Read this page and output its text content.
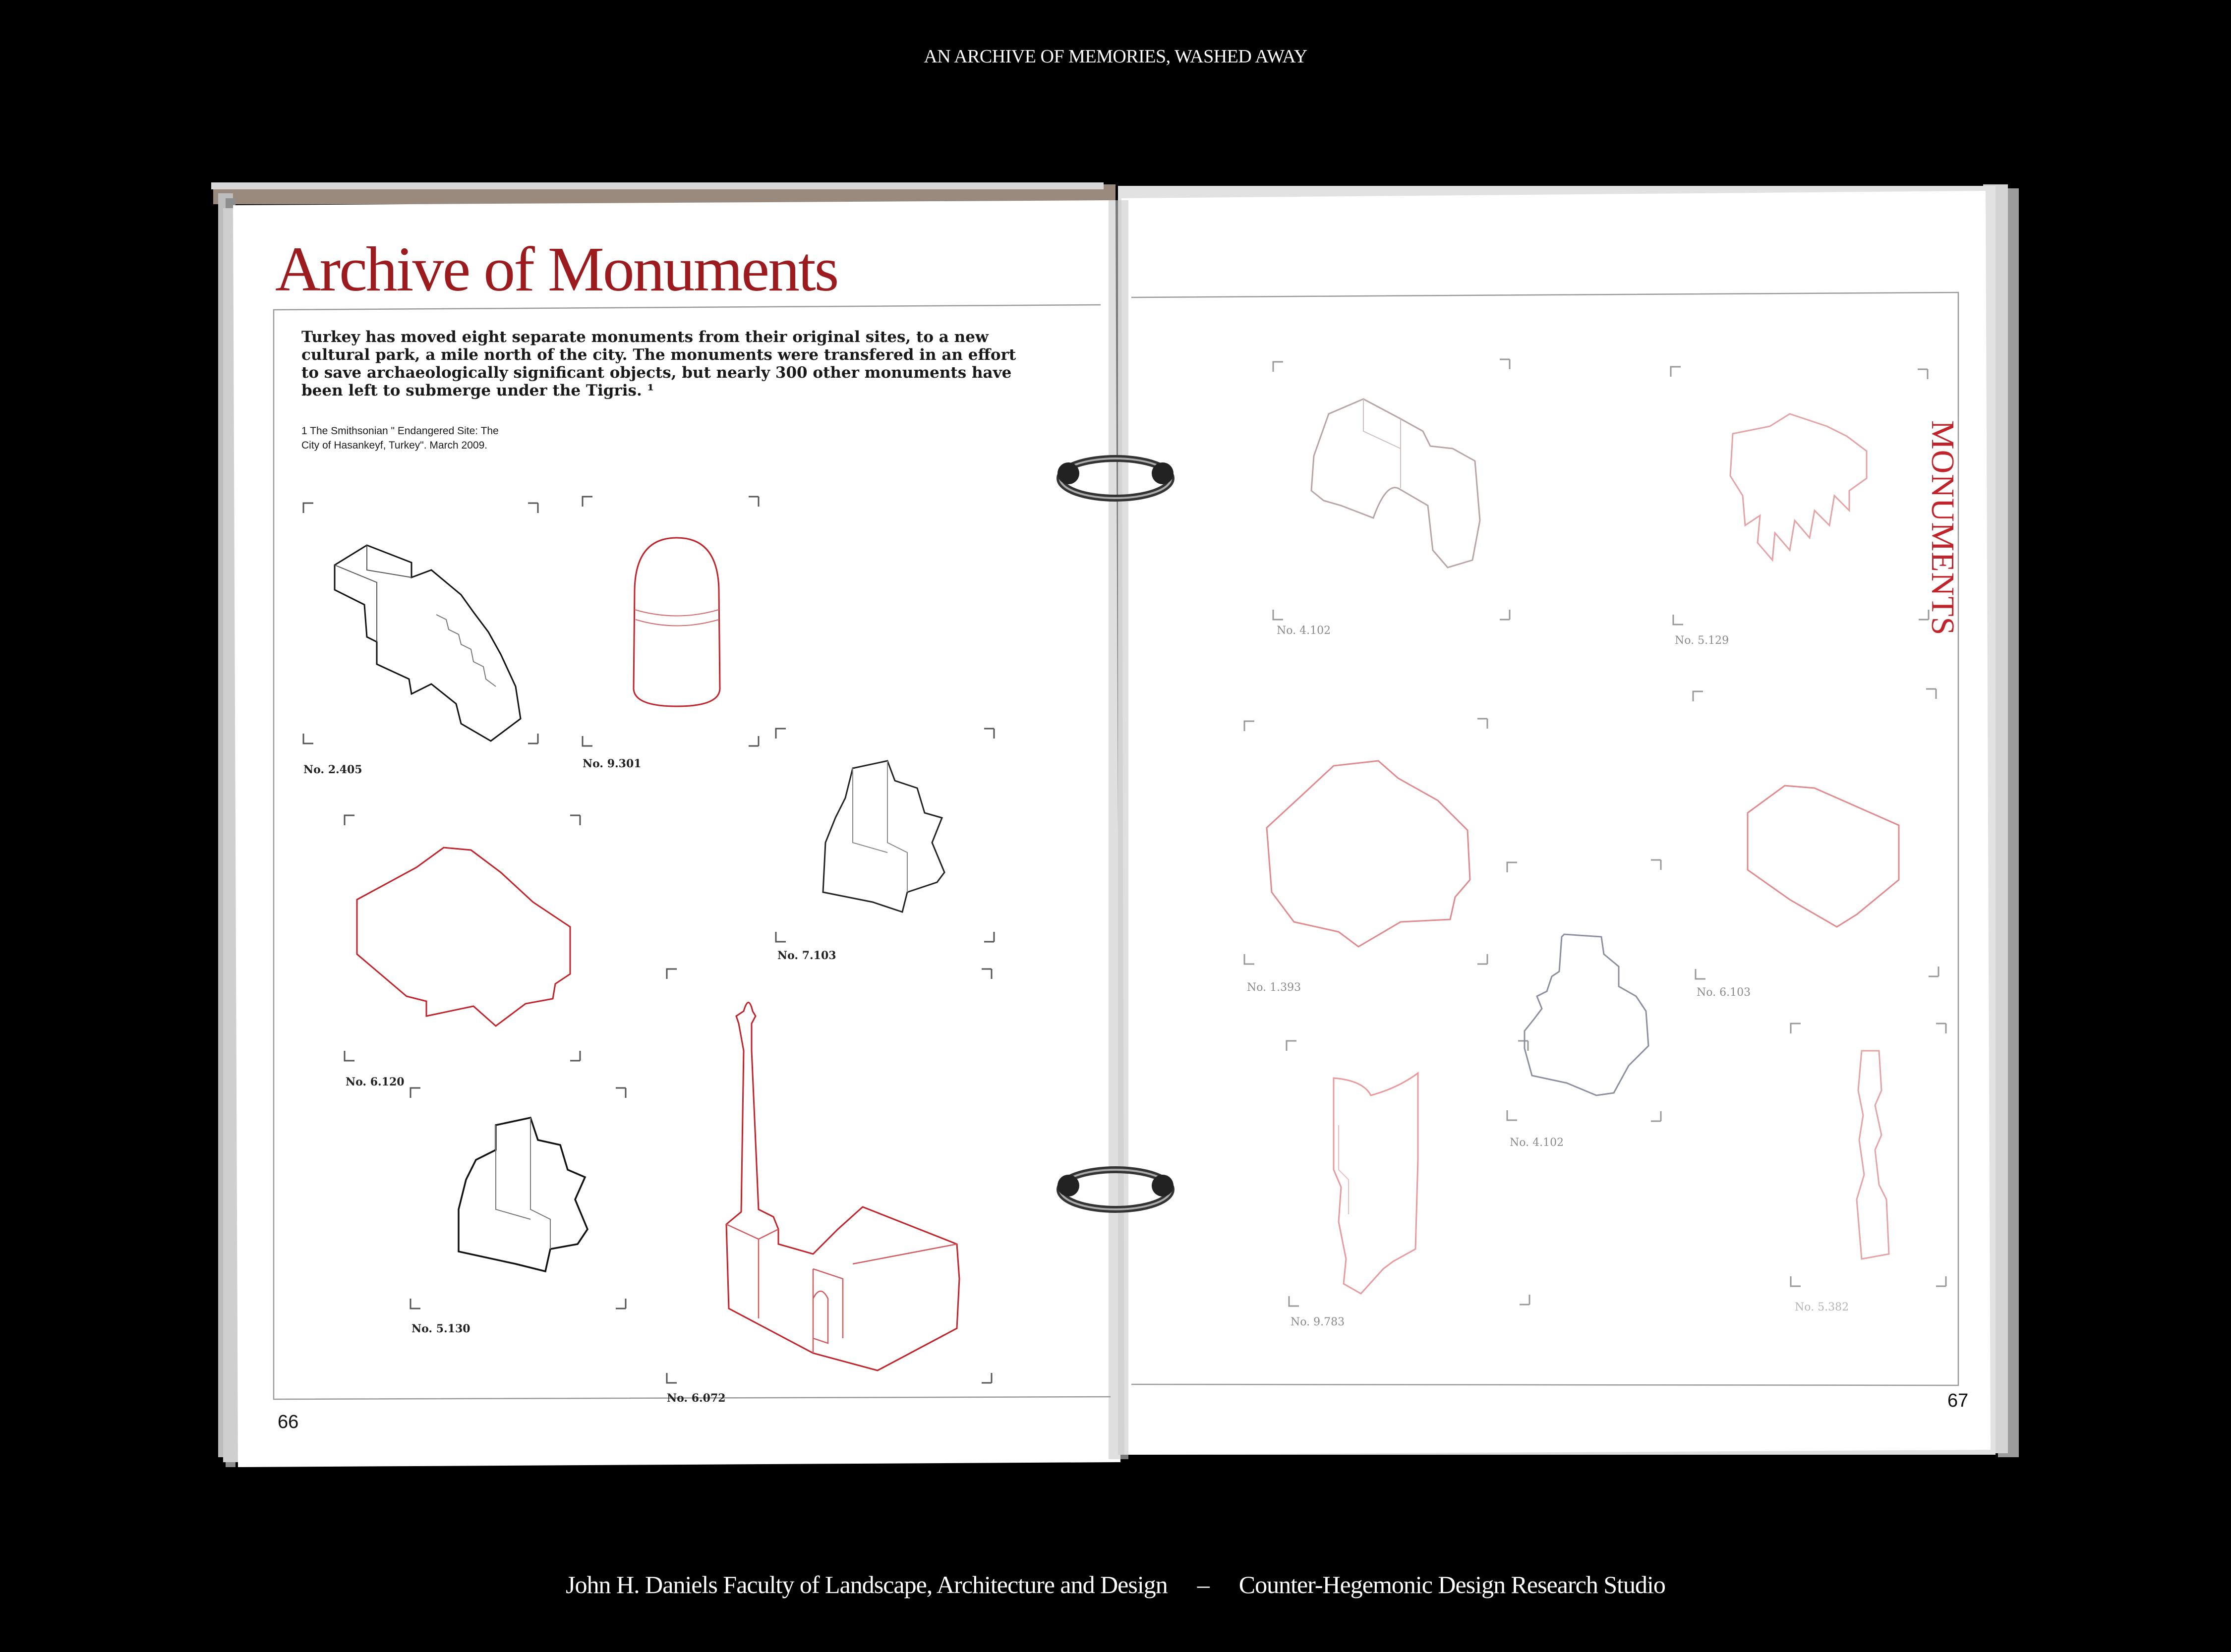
AN ARCHIVE OF MEMORIES, WASHED AWAY
Archive of Monuments
Turkey has moved eight separate monuments from their original sites, to a new cultural park, a mile north of the city. The monuments were transfered in an effort to save archaeologically significant objects, but nearly 300 other monuments have been left to submerge under the Tigris. ¹
1 The Smithsonian " Endangered Site: The City of Hasankeyf, Turkey". March 2009.
No. 2.405	No. 9.301
No. 7.103
No. 6.120
No. 5.130
No. 6.072
66
MONUMENTS
No. 4.102
No. 5.129
No. 1.393	No. 6.103
No. 4.102
No. 9.783
No. 5.382
67
John H. Daniels Faculty of Landscape, Architecture and Design – Counter-Hegemonic Design Research Studio
